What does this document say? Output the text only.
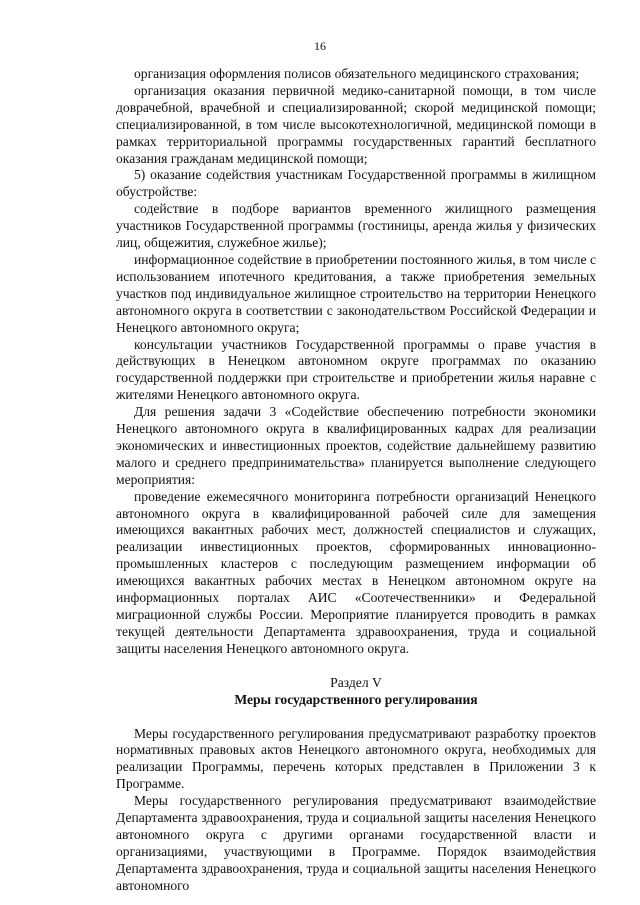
16

организация оформления полисов обязательного медицинского страхования;

организация оказания первичной медико-санитарной помощи, в том числе доврачебной, врачебной и специализированной; скорой медицинской помощи; специализированной, в том числе высокотехнологичной, медицинской помощи в рамках территориальной программы государственных гарантий бесплатного оказания гражданам медицинской помощи;

5) оказание содействия участникам Государственной программы в жилищном обустройстве:

содействие в подборе вариантов временного жилищного размещения участников Государственной программы (гостиницы, аренда жилья у физических лиц, общежития, служебное жилье);

информационное содействие в приобретении постоянного жилья, в том числе с использованием ипотечного кредитования, а также приобретения земельных участков под индивидуальное жилищное строительство на территории Ненецкого автономного округа в соответствии с законодательством Российской Федерации и Ненецкого автономного округа;

консультации участников Государственной программы о праве участия в действующих в Ненецком автономном округе программах по оказанию государственной поддержки при строительстве и приобретении жилья наравне с жителями Ненецкого автономного округа.

Для решения задачи 3 «Содействие обеспечению потребности экономики Ненецкого автономного округа в квалифицированных кадрах для реализации экономических и инвестиционных проектов, содействие дальнейшему развитию малого и среднего предпринимательства» планируется выполнение следующего мероприятия:

проведение ежемесячного мониторинга потребности организаций Ненецкого автономного округа в квалифицированной рабочей силе для замещения имеющихся вакантных рабочих мест, должностей специалистов и служащих, реализации инвестиционных проектов, сформированных инновационно-промышленных кластеров с последующим размещением информации об имеющихся вакантных рабочих местах в Ненецком автономном округе на информационных порталах АИС «Соотечественники» и Федеральной миграционной службы России. Мероприятие планируется проводить в рамках текущей деятельности Департамента здравоохранения, труда и социальной защиты населения Ненецкого автономного округа.

Раздел V

Меры государственного регулирования

Меры государственного регулирования предусматривают разработку проектов нормативных правовых актов Ненецкого автономного округа, необходимых для реализации Программы, перечень которых представлен в Приложении 3 к Программе.

Меры государственного регулирования предусматривают взаимодействие Департамента здравоохранения, труда и социальной защиты населения Ненецкого автономного округа с другими органами государственной власти и организациями, участвующими в Программе. Порядок взаимодействия Департамента здравоохранения, труда и социальной защиты населения Ненецкого автономного
